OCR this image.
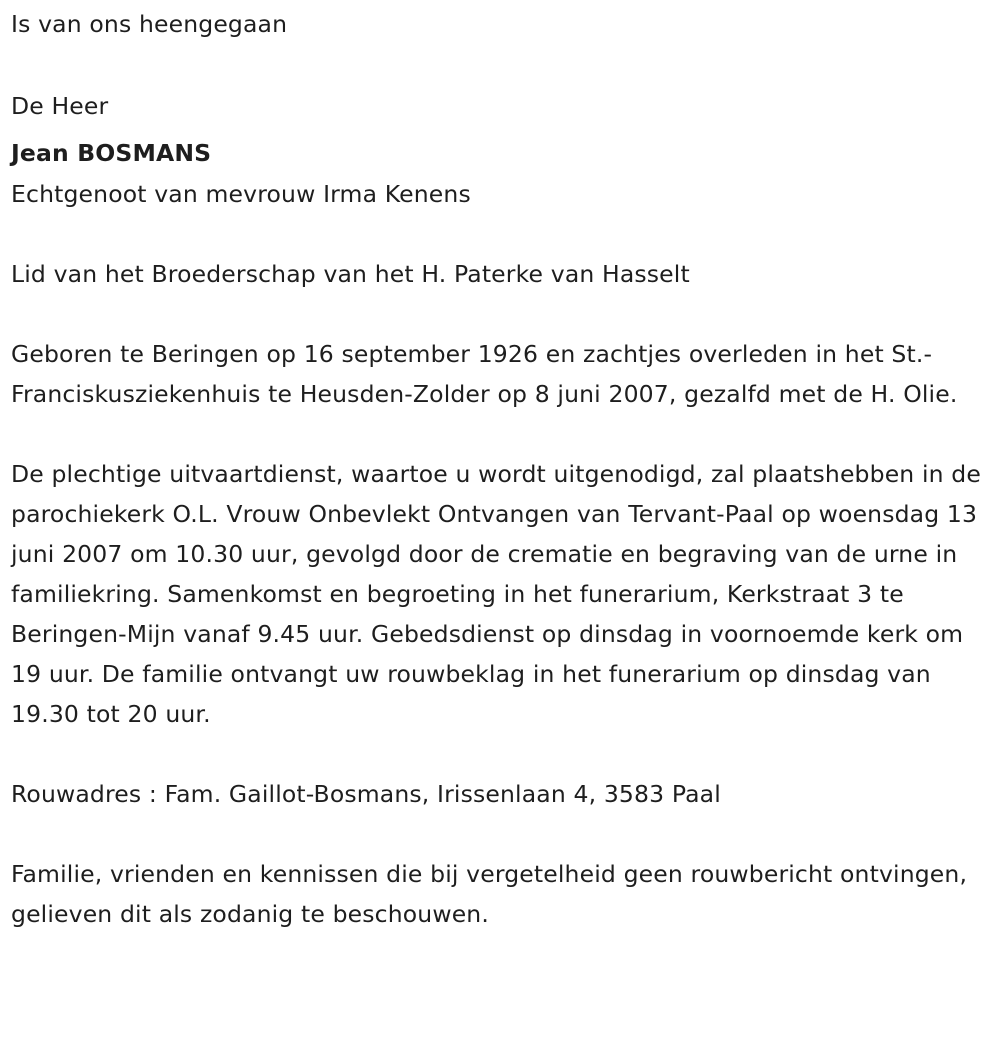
Is van ons heengegaan
De Heer
Jean BOSMANS
Echtgenoot van mevrouw Irma Kenens
Lid van het Broederschap van het H. Paterke van Hasselt
Geboren te Beringen op 16 september 1926 en zachtjes overleden in het St.-Franciskusziekenhuis te Heusden-Zolder op 8 juni 2007, gezalfd met de H. Olie.
De plechtige uitvaartdienst, waartoe u wordt uitgenodigd, zal plaatshebben in de parochiekerk O.L. Vrouw Onbevlekt Ontvangen van Tervant-Paal op woensdag 13 juni 2007 om 10.30 uur, gevolgd door de crematie en begraving van de urne in familiekring. Samenkomst en begroeting in het funerarium, Kerkstraat 3 te Beringen-Mijn vanaf 9.45 uur. Gebedsdienst op dinsdag in voornoemde kerk om 19 uur. De familie ontvangt uw rouwbeklag in het funerarium op dinsdag van 19.30 tot 20 uur.
Rouwadres : Fam. Gaillot-Bosmans, Irissenlaan 4, 3583 Paal
Familie, vrienden en kennissen die bij vergetelheid geen rouwbericht ontvingen, gelieven dit als zodanig te beschouwen.
